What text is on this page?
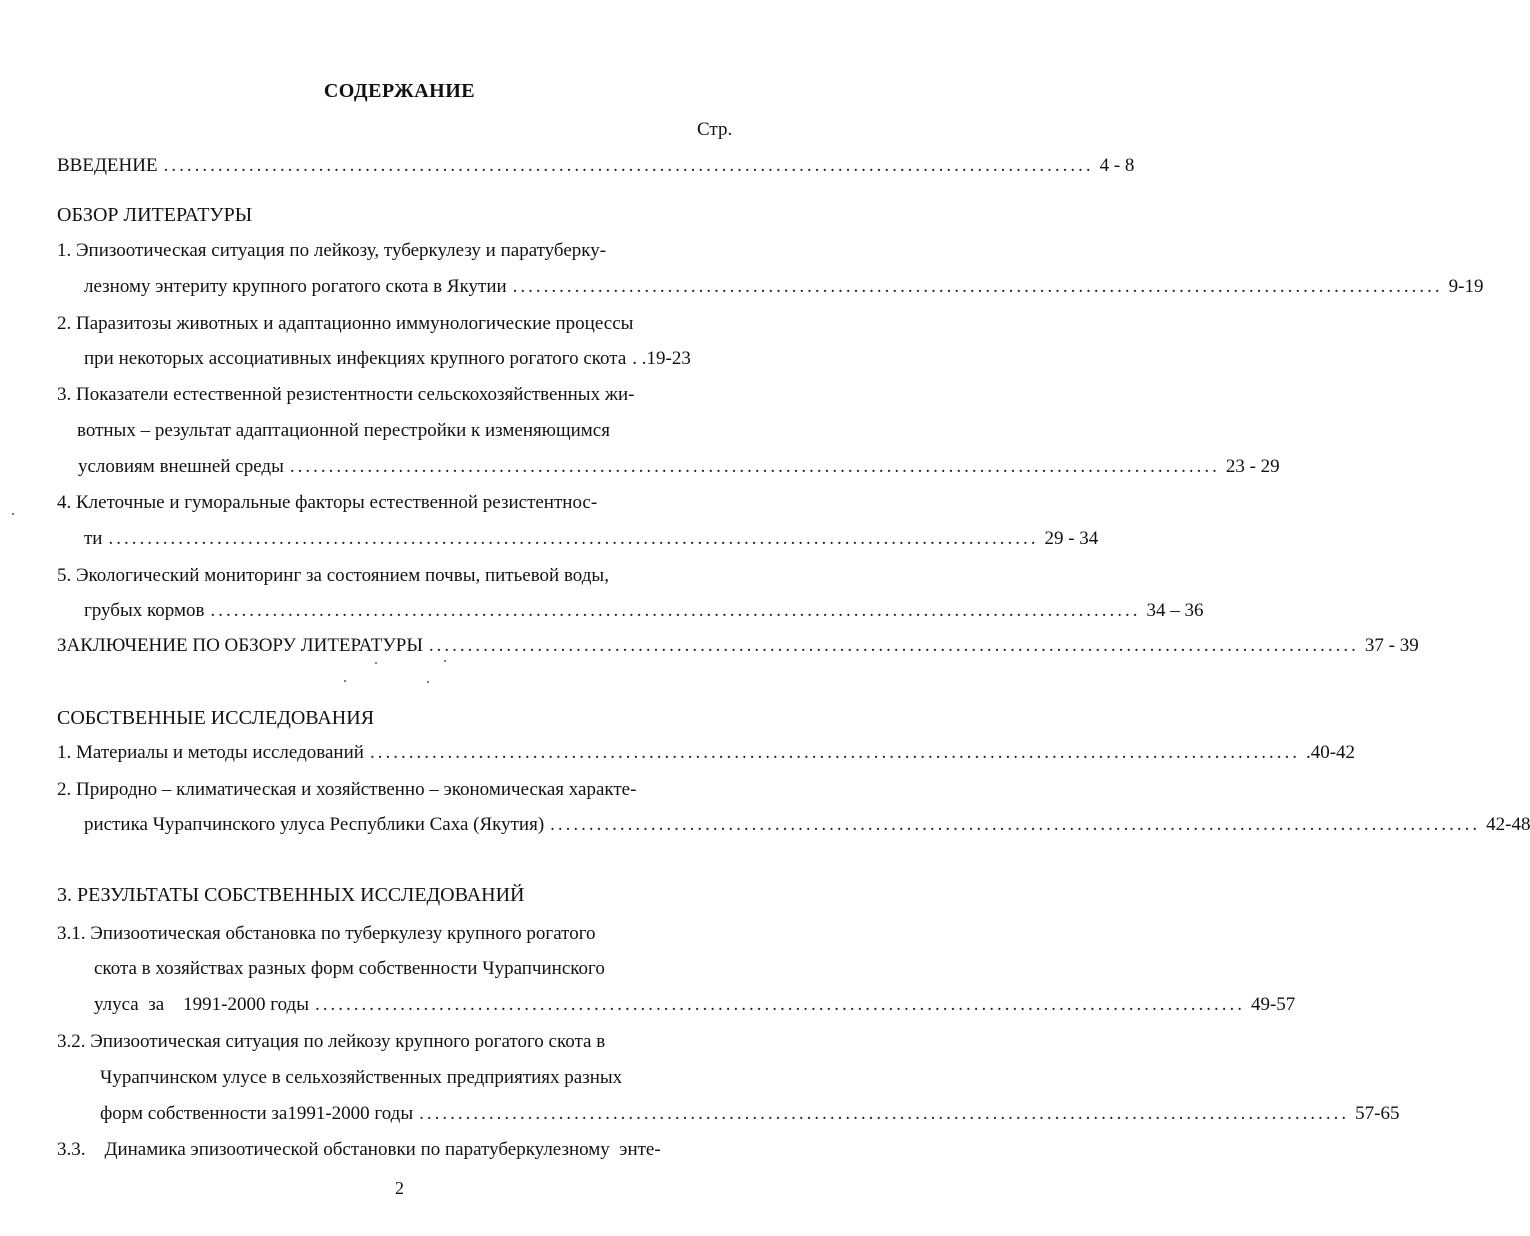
СОДЕРЖАНИЕ
Стр.
ВВЕДЕНИЕ ........................................................................................................................ 4 - 8
ОБЗОР ЛИТЕРАТУРЫ
1. Эпизоотическая ситуация по лейкозу, туберкулезу и паратуберку-
лезному энтериту крупного рогатого скота в Якутии ........................................................................................................................ 9-19
2. Паразитозы животных и адаптационно иммунологические процессы
при некоторых ассоциативных инфекциях крупного рогатого скота . .19-23
3. Показатели естественной резистентности сельскохозяйственных жи-
вотных – результат адаптационной перестройки к изменяющимся
условиям внешней среды ........................................................................................................................ 23 - 29
4. Клеточные и гуморальные факторы естественной резистентнос-
ти ........................................................................................................................ 29 - 34
5. Экологический мониторинг за состоянием почвы, питьевой воды,
грубых кормов ........................................................................................................................ 34 – 36
ЗАКЛЮЧЕНИЕ ПО ОБЗОРУ ЛИТЕРАТУРЫ ........................................................................................................................ 37 - 39
СОБСТВЕННЫЕ ИССЛЕДОВАНИЯ
1. Материалы и методы исследований ........................................................................................................................ .40-42
2. Природно – климатическая и хозяйственно – экономическая характе-
ристика Чурапчинского улуса Республики Саха (Якутия) ........................................................................................................................ 42-48
3. РЕЗУЛЬТАТЫ СОБСТВЕННЫХ ИССЛЕДОВАНИЙ
3.1. Эпизоотическая обстановка по туберкулезу крупного рогатого
скота в хозяйствах разных форм собственности Чурапчинского
улуса  за    1991-2000 годы ........................................................................................................................ 49-57
3.2. Эпизоотическая ситуация по лейкозу крупного рогатого скота в
Чурапчинском улусе в сельхозяйственных предприятиях разных
форм собственности за1991-2000 годы ........................................................................................................................ 57-65
3.3.    Динамика эпизоотической обстановки по паратуберкулезному  энте-
2
